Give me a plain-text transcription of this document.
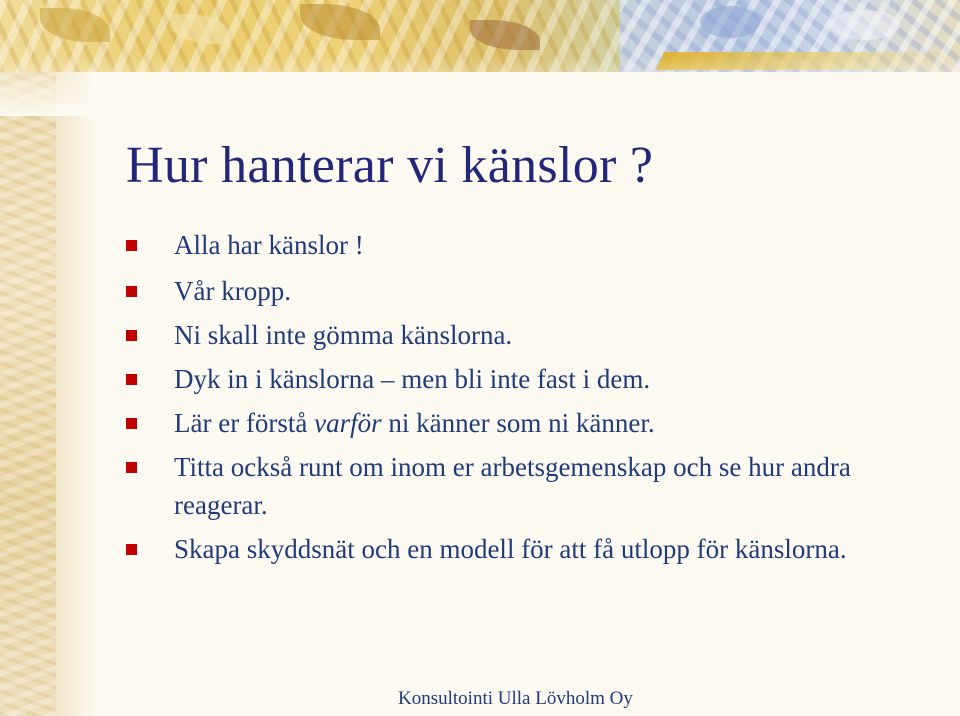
Hur hanterar vi känslor ?
Alla har känslor !
Vår kropp.
Ni skall inte gömma känslorna.
Dyk in i känslorna – men bli inte fast i dem.
Lär er förstå varför ni känner som ni känner.
Titta också runt om inom er arbetsgemenskap och se hur andra reagerar.
Skapa skyddsnät och en modell för att få utlopp för känslorna.
Konsultointi Ulla Lövholm Oy
